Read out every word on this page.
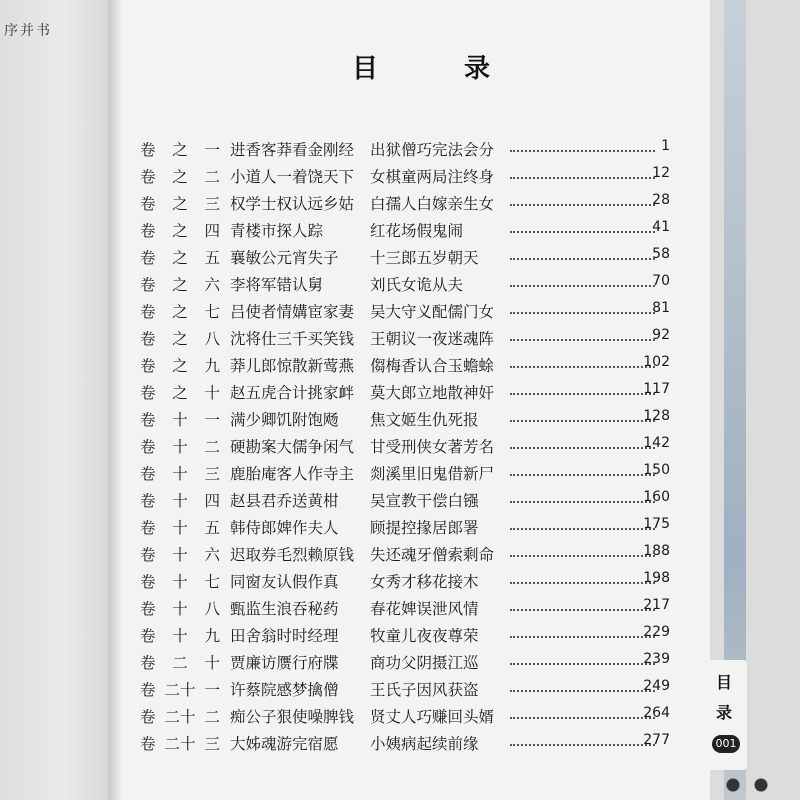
序并书
目　录
卷 之 一 进香客莽看金刚经 出狱僧巧完法会分	1
卷 之 二 小道人一着饶天下 女棋童两局注终身	12
卷 之 三 权学士权认远乡姑 白孺人白嫁亲生女	28
卷 之 四 青楼市探人踪	红花场假鬼闹	41
卷 之 五 襄敏公元宵失子 十三郎五岁朝天	58
卷 之 六 李将军错认舅	刘氏女诡从夫	70
卷 之 七 吕使者情媾宦家妻 吴大守义配儒门女	81
卷 之 八 沈将仕三千买笑钱 王朝议一夜迷魂阵	92
卷 之 九 莽儿郎惊散新莺燕 㑳梅香认合玉蟾蜍	102
卷 之 十 赵五虎合计挑家衅 莫大郎立地散神奸	117
卷 十 一 满少卿饥附饱飏 焦文姬生仇死报	128
卷 十 二 硬勘案大儒争闲气 甘受刑侠女著芳名	142
卷 十 三 鹿胎庵客人作寺主 剡溪里旧鬼借新尸	150
卷 十 四 赵县君乔送黄柑 吴宣教干偿白镪	160
卷 十 五 韩侍郎婢作夫人 顾提控掾居郎署	175
卷 十 六 迟取券毛烈赖原钱 失还魂牙僧索剩命	188
卷 十 七 同窗友认假作真 女秀才移花接木	198
卷 十 八 甄监生浪吞秘药 春花婢误泄风情	217
卷 十 九 田舍翁时时经理 牧童儿夜夜尊荣	229
卷 二 十 贾廉访赝行府牒 商功父阴摄江巡	239
卷 二十 一 许蔡院感梦擒僧 王氏子因风获盗	249
卷 二十 二 痴公子狠使噪脾钱 贤丈人巧赚回头婿	264
卷 二十 三 大姊魂游完宿愿 小姨病起续前缘	277
目
录
001
